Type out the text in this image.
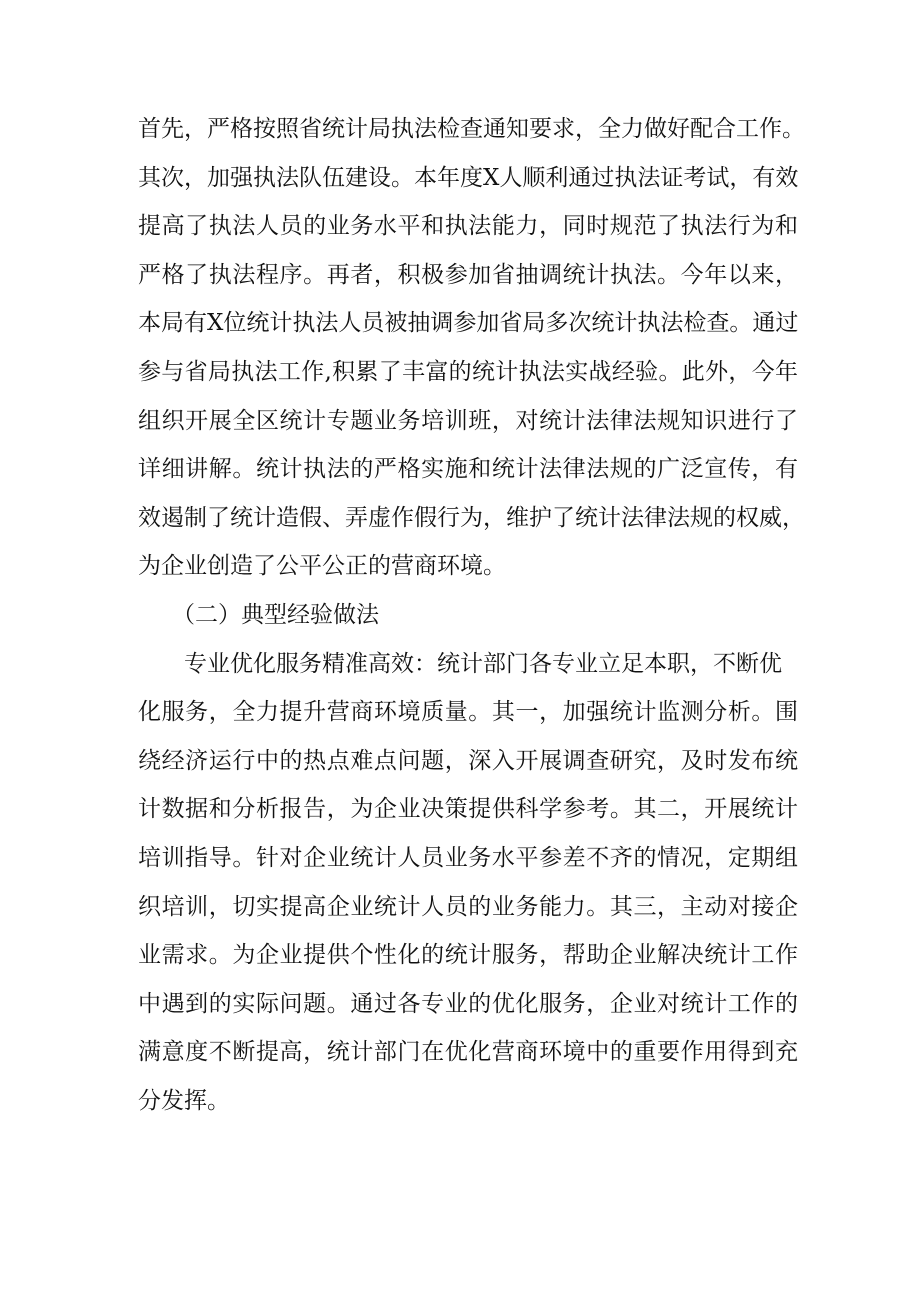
首先，严格按照省统计局执法检查通知要求，全力做好配合工作。
其次，加强执法队伍建设。本年度X人顺利通过执法证考试，有效
提高了执法人员的业务水平和执法能力，同时规范了执法行为和
严格了执法程序。再者，积极参加省抽调统计执法。今年以来，
本局有X位统计执法人员被抽调参加省局多次统计执法检查。通过
参与省局执法工作,积累了丰富的统计执法实战经验。此外，今年
组织开展全区统计专题业务培训班，对统计法律法规知识进行了
详细讲解。统计执法的严格实施和统计法律法规的广泛宣传，有
效遏制了统计造假、弄虚作假行为，维护了统计法律法规的权威，
为企业创造了公平公正的营商环境。
（二）典型经验做法
专业优化服务精准高效：统计部门各专业立足本职，不断优
化服务，全力提升营商环境质量。其一，加强统计监测分析。围
绕经济运行中的热点难点问题，深入开展调查研究，及时发布统
计数据和分析报告，为企业决策提供科学参考。其二，开展统计
培训指导。针对企业统计人员业务水平参差不齐的情况，定期组
织培训，切实提高企业统计人员的业务能力。其三，主动对接企
业需求。为企业提供个性化的统计服务，帮助企业解决统计工作
中遇到的实际问题。通过各专业的优化服务，企业对统计工作的
满意度不断提高，统计部门在优化营商环境中的重要作用得到充
分发挥。
